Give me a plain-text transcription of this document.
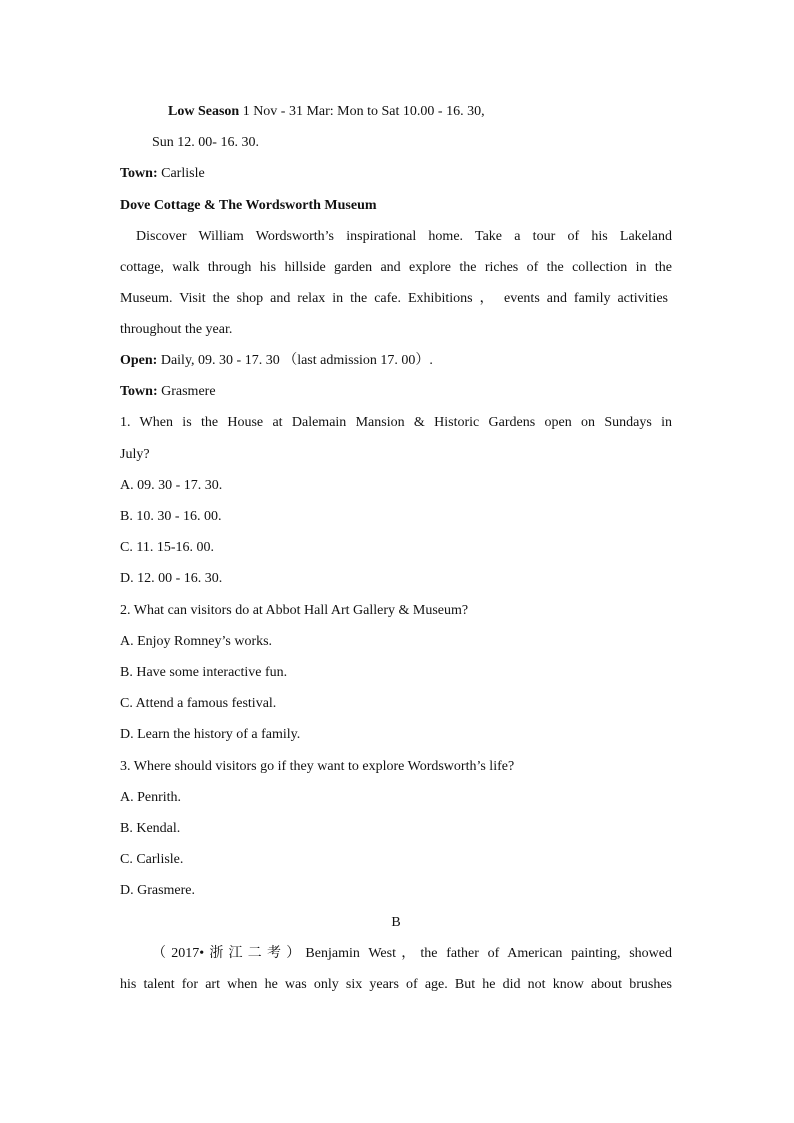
Low Season 1 Nov - 31 Mar: Mon to Sat 10.00 - 16. 30,
Sun 12. 00- 16. 30.
Town: Carlisle
Dove Cottage & The Wordsworth Museum
Discover William Wordsworth’s inspirational home. Take a tour of his Lakeland
cottage, walk through his hillside garden and explore the riches of the collection in the
Museum. Visit the shop and relax in the cafe. Exhibitions ， events and family activities
throughout the year.
Open: Daily, 09. 30 - 17. 30 （last admission 17. 00）.
Town: Grasmere
1. When is the House at Dalemain Mansion & Historic Gardens open on Sundays in
July?
A. 09. 30 - 17. 30.
B. 10. 30 - 16. 00.
C. 11. 15-16. 00.
D. 12. 00 - 16. 30.
2. What can visitors do at Abbot Hall Art Gallery & Museum?
A. Enjoy Romney’s works.
B. Have some interactive fun.
C. Attend a famous festival.
D. Learn the history of a family.
3. Where should visitors go if they want to explore Wordsworth’s life?
A. Penrith.
B. Kendal.
C. Carlisle.
D. Grasmere.
B
（2017•浙江二考）Benjamin West，the father of American painting, showed
his talent for art when he was only six years of age. But he did not know about brushes
